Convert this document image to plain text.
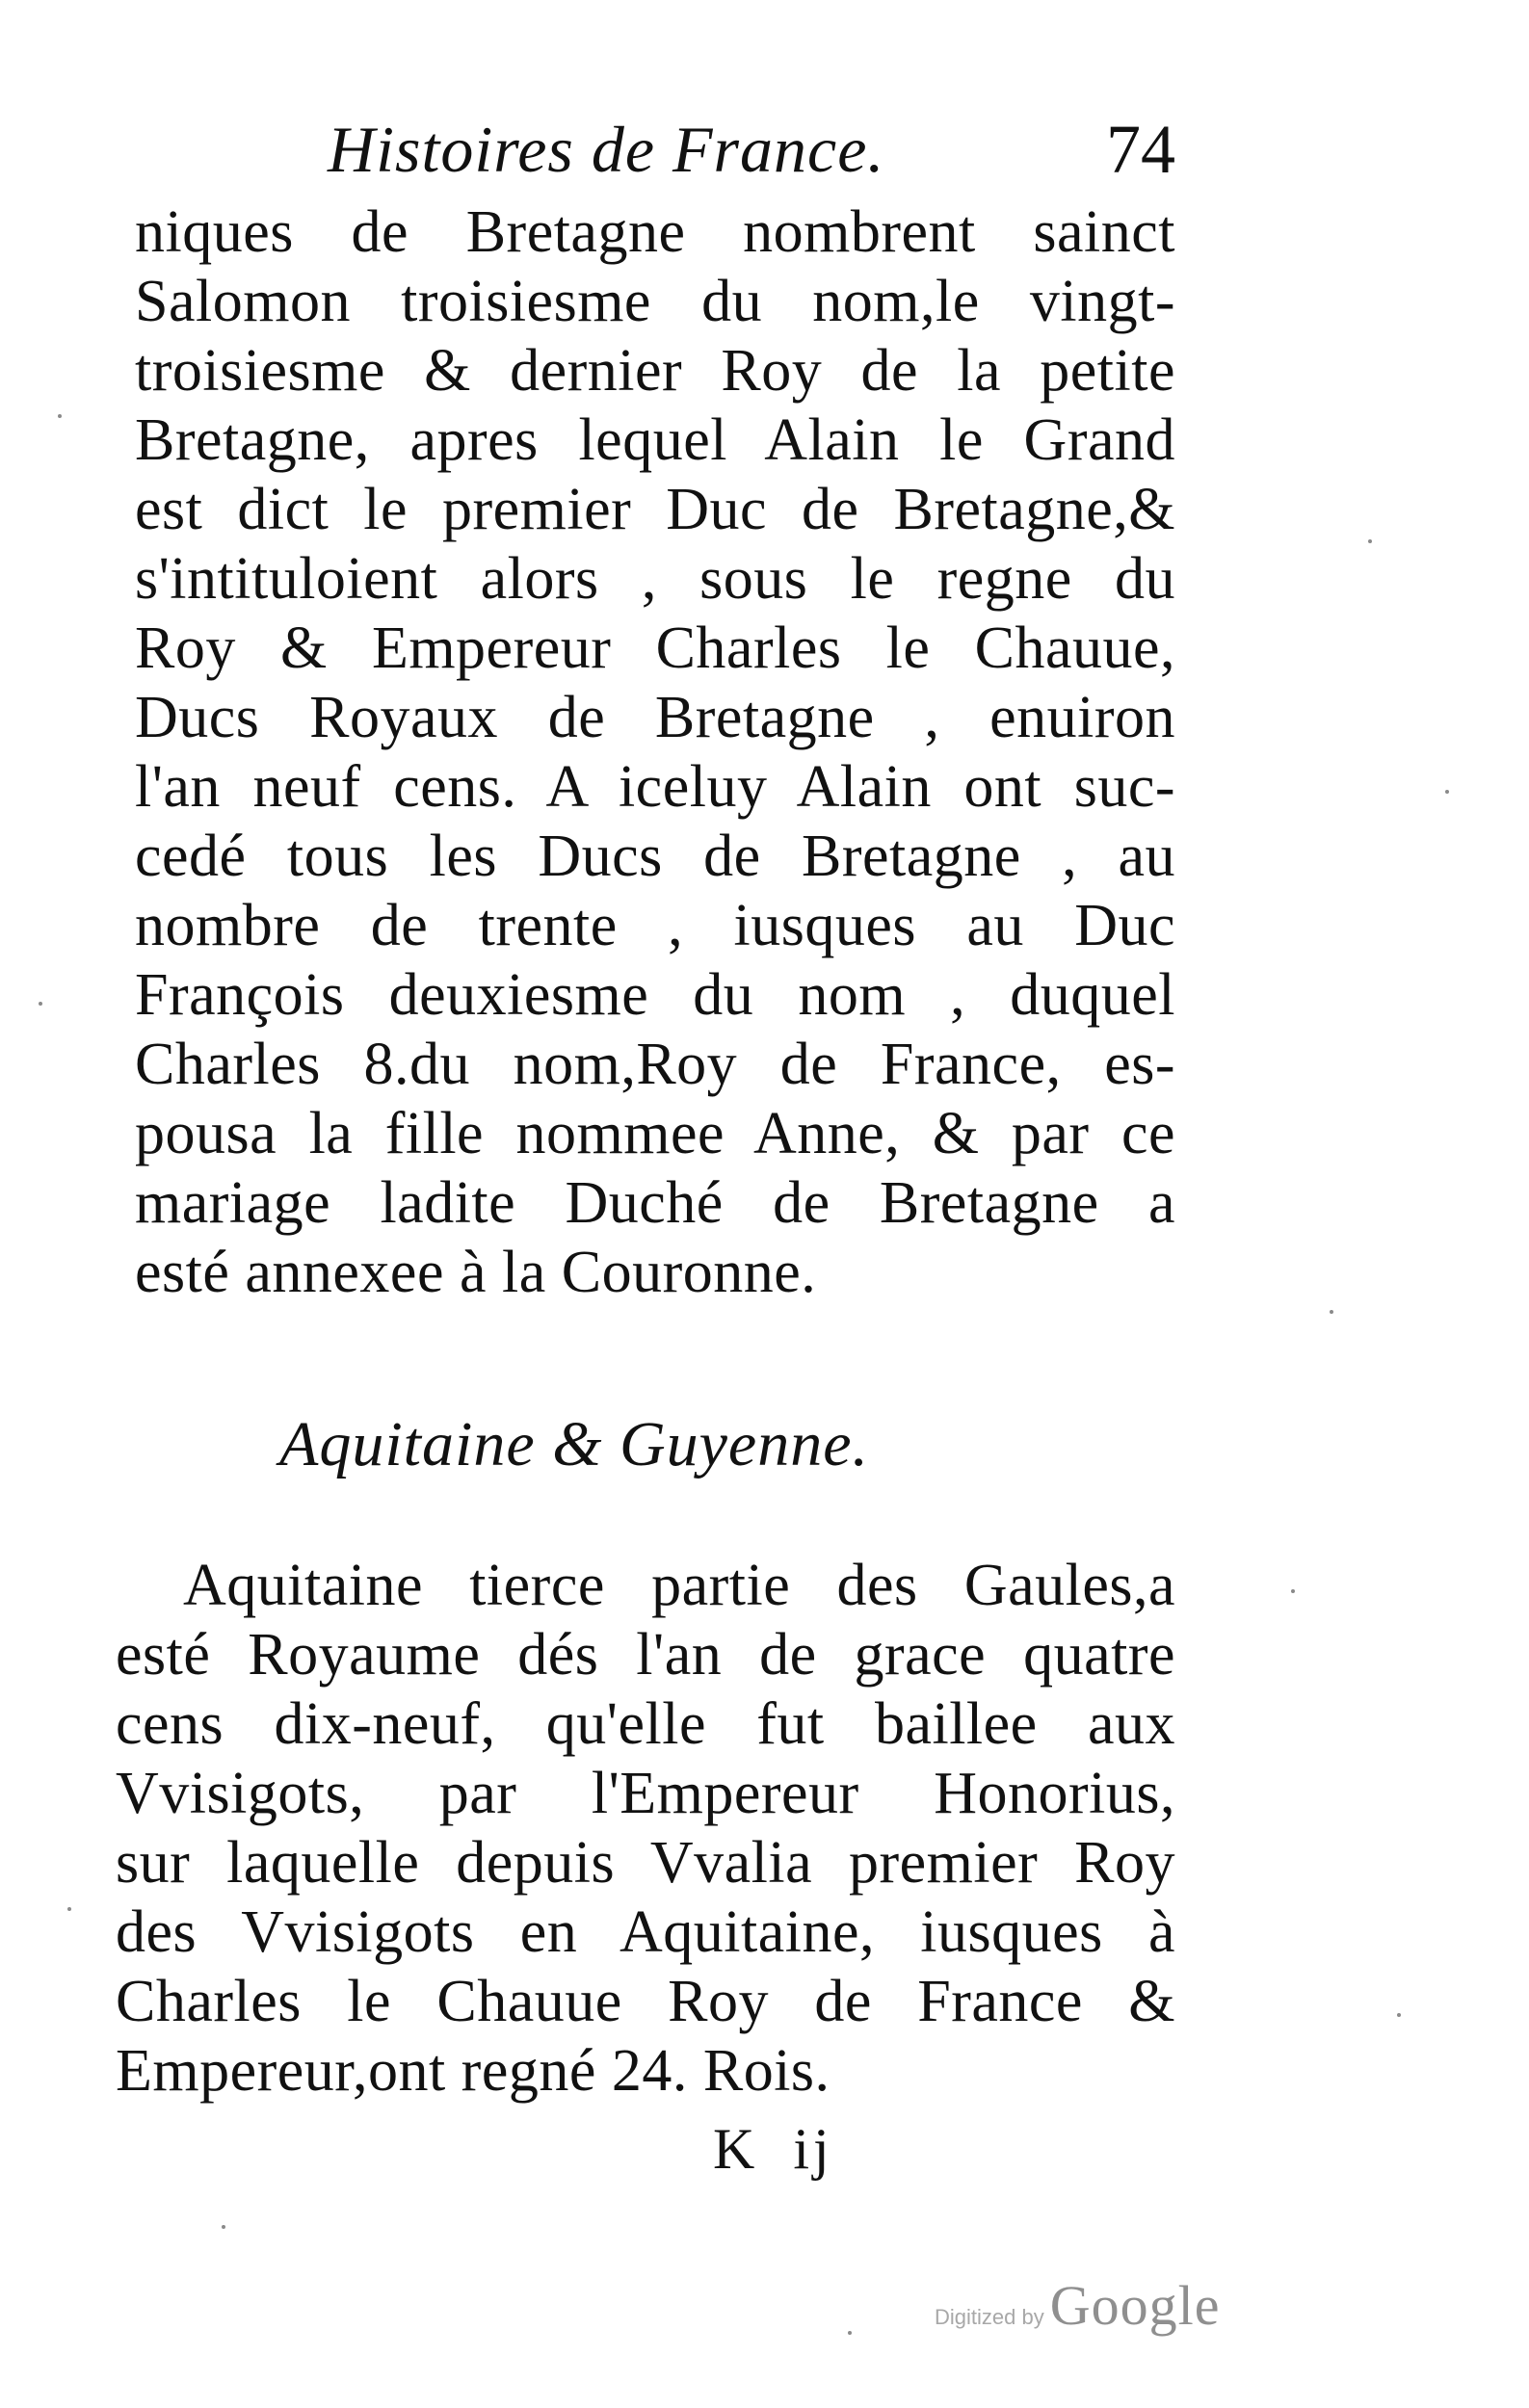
Histoires de France.	74
niques de Bretagne nombrent sainct
Salomon troisiesme du nom,le vingt-
troisiesme & dernier Roy de la petite
Bretagne, apres lequel Alain le Grand
est dict le premier Duc de Bretagne,&
s'intituloient alors , sous le regne du
Roy & Empereur Charles le Chauue,
Ducs Royaux de Bretagne , enuiron
l'an neuf cens. A iceluy Alain ont suc-
cedé tous les Ducs de Bretagne , au
nombre de trente , iusques au Duc
François deuxiesme du nom , duquel
Charles 8.du nom,Roy de France, es-
pousa la fille nommee Anne, & par ce
mariage ladite Duché de Bretagne a
esté annexee à la Couronne.
Aquitaine & Guyenne.
Aquitaine tierce partie des Gaules,a
esté Royaume dés l'an de grace quatre
cens dix-neuf, qu'elle fut baillee aux
Vvisigots, par l'Empereur Honorius,
sur laquelle depuis Vvalia premier Roy
des Vvisigots en Aquitaine, iusques à
Charles le Chauue Roy de France &
Empereur,ont regné 24. Rois.
K ij
Digitized by Google
